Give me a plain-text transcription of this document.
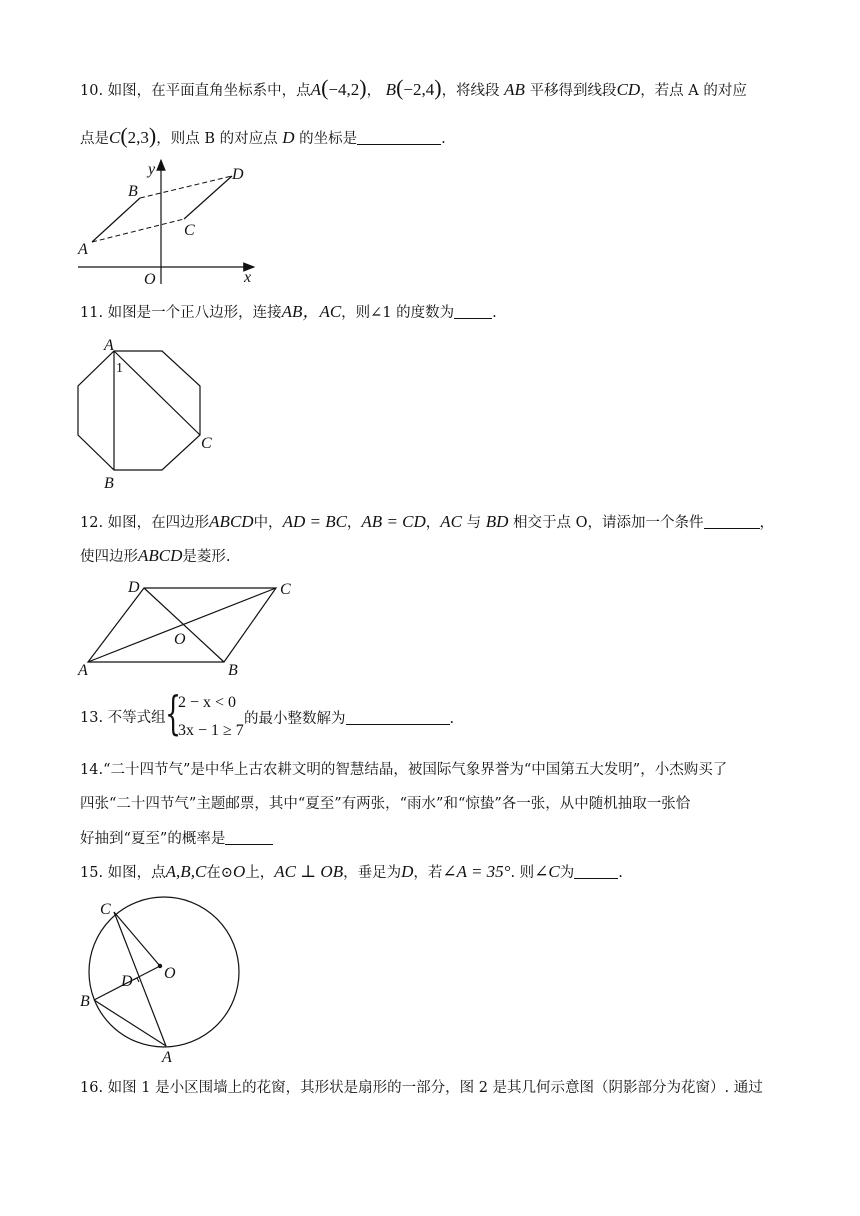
10. 如图，在平面直角坐标系中，点A(−4,2)， B(−2,4)，将线段 AB 平移得到线段CD，若点 A 的对应
点是C(2,3)，则点 B 的对应点 D 的坐标是	.
y
x
O
A
B
C
D
11. 如图是一个正八边形，连接AB，AC，则∠1 的度数为	.
A
B
C
1
12. 如图，在四边形ABCD中，AD = BC，AB = CD，AC 与 BD 相交于点 O，请添加一个条件	，
使四边形ABCD是菱形.
A	B
C
D
O
13. 不等式组 {
2 − x < 0
3x − 1 ≥ 7
的最小整数解为	.
14.“二十四节气”是中华上古农耕文明的智慧结晶，被国际气象界誉为“中国第五大发明”，小杰购买了
四张“二十四节气”主题邮票，其中“夏至”有两张，“雨水”和“惊蛰”各一张，从中随机抽取一张恰
好抽到“夏至”的概率是
15. 如图，点A,B,C在⊙O上，AC ⊥ OB，垂足为D，若∠A = 35°. 则∠C为	.
C
B
A
D O
16. 如图 1 是小区围墙上的花窗，其形状是扇形的一部分，图 2 是其几何示意图（阴影部分为花窗）. 通过
